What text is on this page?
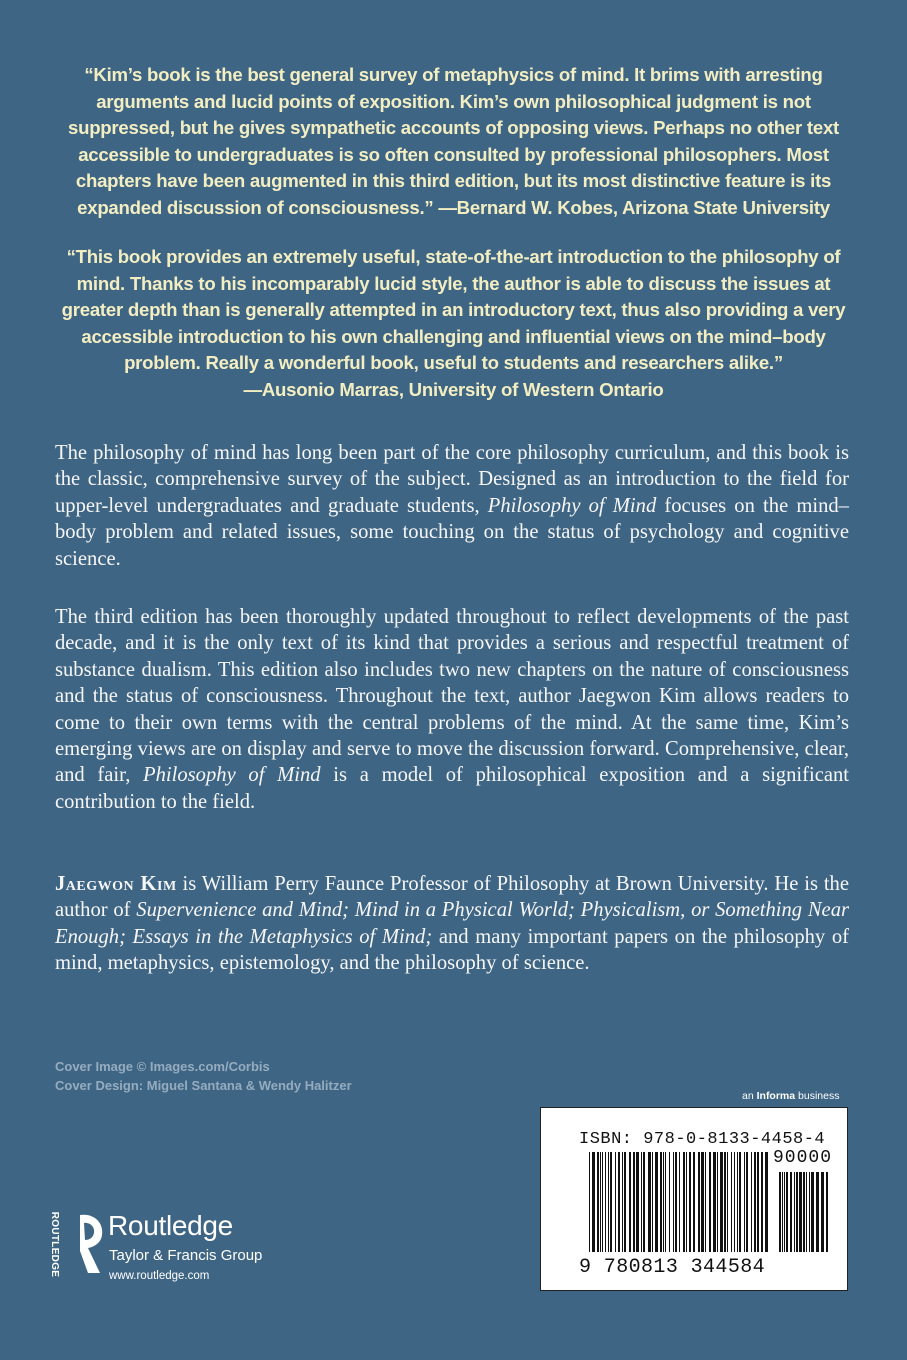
“Kim’s book is the best general survey of metaphysics of mind. It brims with arresting arguments and lucid points of exposition. Kim’s own philosophical judgment is not suppressed, but he gives sympathetic accounts of opposing views. Perhaps no other text accessible to undergraduates is so often consulted by professional philosophers. Most chapters have been augmented in this third edition, but its most distinctive feature is its expanded discussion of consciousness.” —Bernard W. Kobes, Arizona State University
“This book provides an extremely useful, state-of-the-art introduction to the philosophy of mind. Thanks to his incomparably lucid style, the author is able to discuss the issues at greater depth than is generally attempted in an introductory text, thus also providing a very accessible introduction to his own challenging and influential views on the mind–body problem. Really a wonderful book, useful to students and researchers alike.”
—Ausonio Marras, University of Western Ontario

The philosophy of mind has long been part of the core philosophy curriculum, and this book is the classic, comprehensive survey of the subject. Designed as an introduction to the field for upper-level undergraduates and graduate students, Philosophy of Mind focuses on the mind–body problem and related issues, some touching on the status of psychology and cognitive science.

The third edition has been thoroughly updated throughout to reflect developments of the past decade, and it is the only text of its kind that provides a serious and respectful treatment of substance dualism. This edition also includes two new chapters on the nature of consciousness and the status of consciousness. Throughout the text, author Jaegwon Kim allows readers to come to their own terms with the central problems of the mind. At the same time, Kim’s emerging views are on display and serve to move the discussion forward. Comprehensive, clear, and fair, Philosophy of Mind is a model of philosophical exposition and a significant contribution to the field.

Jaegwon Kim is William Perry Faunce Professor of Philosophy at Brown University. He is the author of Supervenience and Mind; Mind in a Physical World; Physicalism, or Something Near Enough; Essays in the Metaphysics of Mind; and many important papers on the philosophy of mind, metaphysics, epistemology, and the philosophy of science.

Cover Image © Images.com/Corbis
Cover Design: Miguel Santana & Wendy Halitzer
an Informa business
ISBN: 978-0-8133-4458-4
90000
9 780813 344584
ROUTLEDGE Routledge
Taylor & Francis Group
www.routledge.com
